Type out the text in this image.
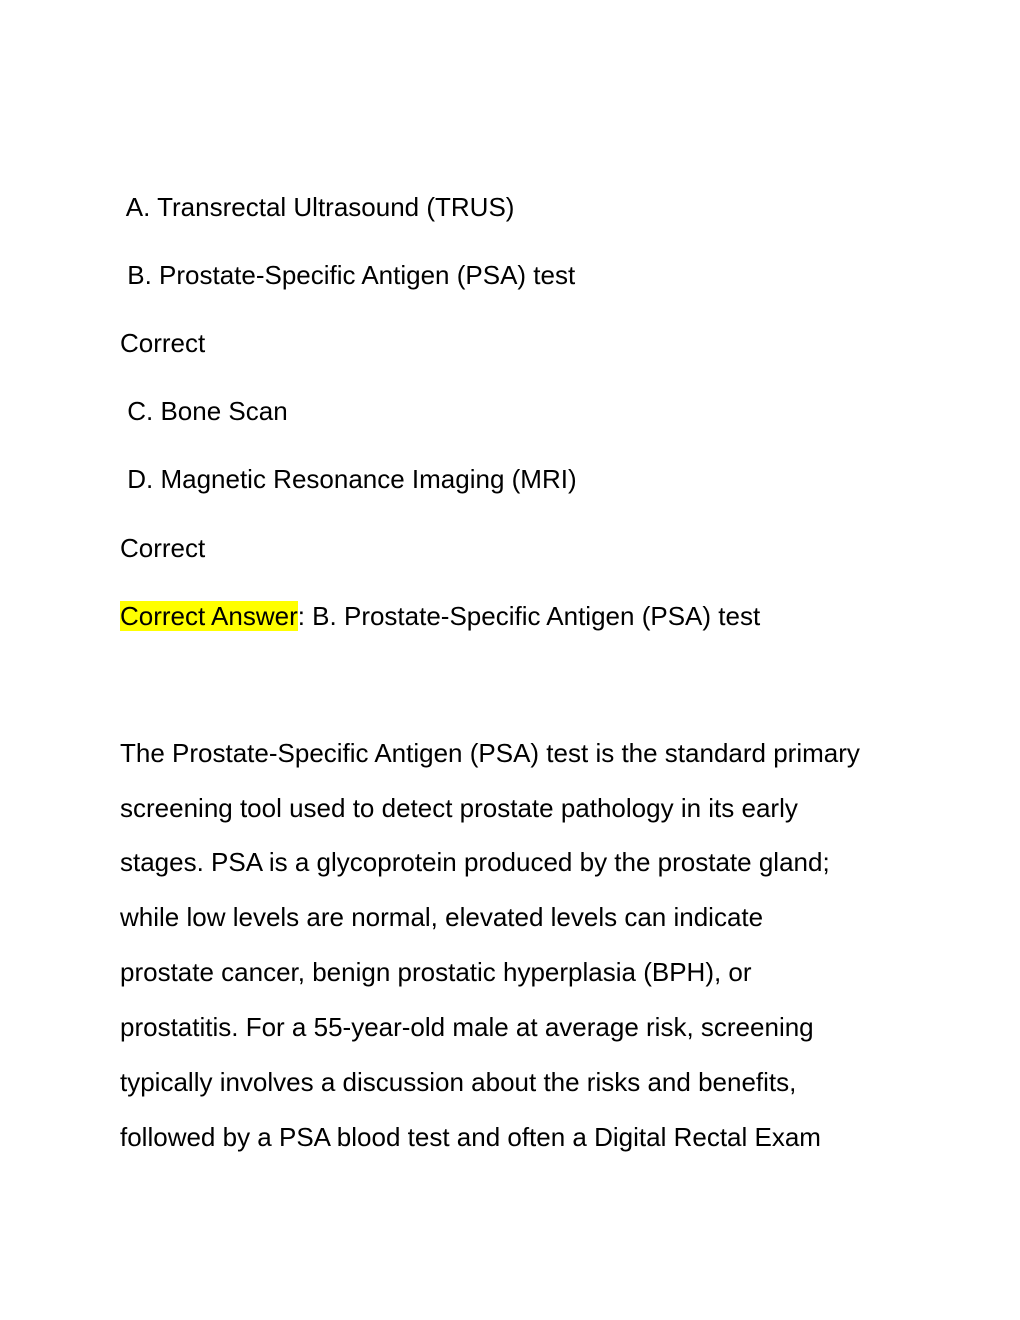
A. Transrectal Ultrasound (TRUS)

B. Prostate-Specific Antigen (PSA) test

Correct

C. Bone Scan

D. Magnetic Resonance Imaging (MRI)

Correct

Correct Answer: B. Prostate-Specific Antigen (PSA) test

The Prostate-Specific Antigen (PSA) test is the standard primary

screening tool used to detect prostate pathology in its early

stages. PSA is a glycoprotein produced by the prostate gland;

while low levels are normal, elevated levels can indicate

prostate cancer, benign prostatic hyperplasia (BPH), or

prostatitis. For a 55-year-old male at average risk, screening

typically involves a discussion about the risks and benefits,

followed by a PSA blood test and often a Digital Rectal Exam
